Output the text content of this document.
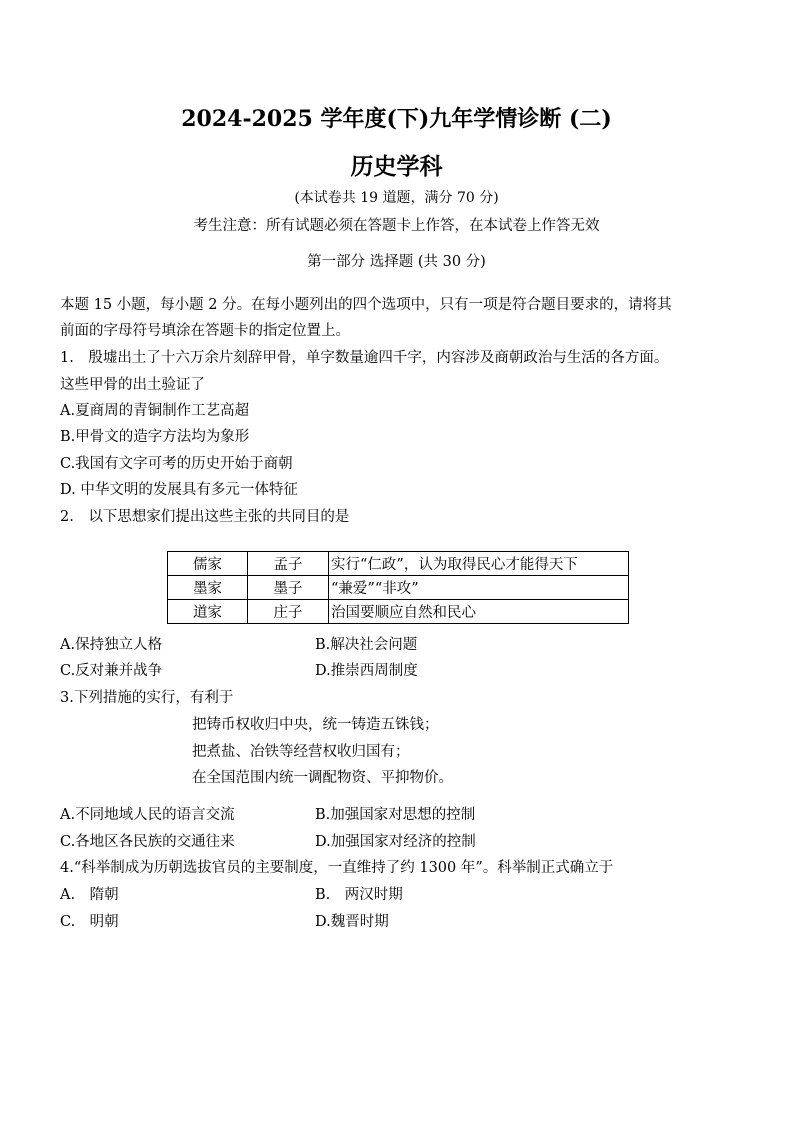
2024-2025 学年度(下)九年学情诊断 (二)
历史学科
(本试卷共 19 道题，满分 70 分)
考生注意：所有试题必须在答题卡上作答，在本试卷上作答无效
第一部分 选择题 (共 30 分)
本题 15 小题，每小题 2 分。在每小题列出的四个选项中，只有一项是符合题目要求的，请将其
前面的字母符号填涂在答题卡的指定位置上。
1.　殷墟出土了十六万余片刻辞甲骨，单字数量逾四千字，内容涉及商朝政治与生活的各方面。
这些甲骨的出土验证了
A.夏商周的青铜制作工艺高超
B.甲骨文的造字方法均为象形
C.我国有文字可考的历史开始于商朝
D. 中华文明的发展具有多元一体特征
2.　以下思想家们提出这些主张的共同目的是
儒家	孟子	实行“仁政”，认为取得民心才能得天下
墨家	墨子	“兼爱”“非攻”
道家	庄子	治国要顺应自然和民心
A.保持独立人格	B.解决社会问题
C.反对兼并战争	D.推崇西周制度
3.下列措施的实行，有利于
把铸币权收归中央，统一铸造五铢钱；
把煮盐、冶铁等经营权收归国有；
在全国范围内统一调配物资、平抑物价。
A.不同地域人民的语言交流	B.加强国家对思想的控制
C.各地区各民族的交通往来	D.加强国家对经济的控制
4.“科举制成为历朝选拔官员的主要制度，一直维持了约 1300 年”。科举制正式确立于
A.　隋朝	B.　两汉时期
C.　明朝	D.魏晋时期
